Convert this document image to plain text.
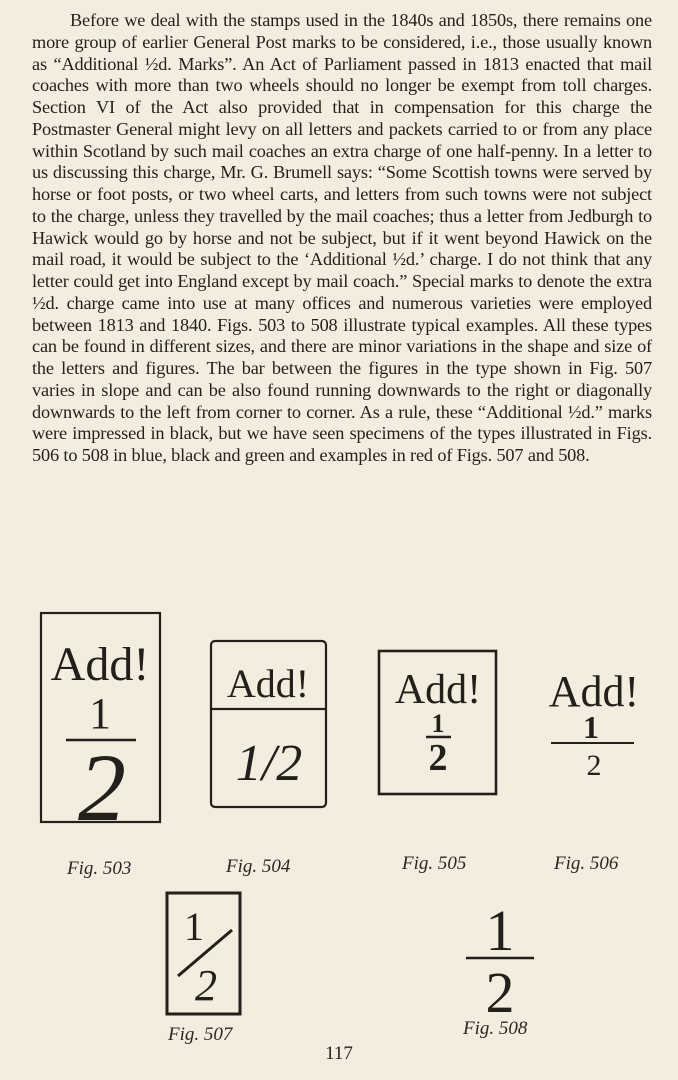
Before we deal with the stamps used in the 1840s and 1850s, there remains one more group of earlier General Post marks to be considered, i.e., those usually known as “Additional ½d. Marks”. An Act of Parliament passed in 1813 enacted that mail coaches with more than two wheels should no longer be exempt from toll charges. Section VI of the Act also provided that in compensation for this charge the Postmaster General might levy on all letters and packets carried to or from any place within Scotland by such mail coaches an extra charge of one half-penny. In a letter to us discussing this charge, Mr. G. Brumell says: “Some Scottish towns were served by horse or foot posts, or two wheel carts, and letters from such towns were not subject to the charge, unless they travelled by the mail coaches; thus a letter from Jedburgh to Hawick would go by horse and not be subject, but if it went beyond Hawick on the mail road, it would be subject to the ‘Additional ½d.’ charge. I do not think that any letter could get into England except by mail coach.” Special marks to denote the extra ½d. charge came into use at many offices and numerous varieties were employed between 1813 and 1840. Figs. 503 to 508 illustrate typical examples. All these types can be found in different sizes, and there are minor variations in the shape and size of the letters and figures. The bar between the figures in the type shown in Fig. 507 varies in slope and can be also found running downwards to the right or diagonally downwards to the left from corner to corner. As a rule, these “Additional ½d.” marks were impressed in black, but we have seen specimens of the types illustrated in Figs. 506 to 508 in blue, black and green and examples in red of Figs. 507 and 508.

Add!
1
2
Fig. 503
Add!
1/2
Fig. 504
Add!
1
2
Fig. 505
Add!
1
2
Fig. 506
1
2
Fig. 507
1
2
Fig. 508
117
